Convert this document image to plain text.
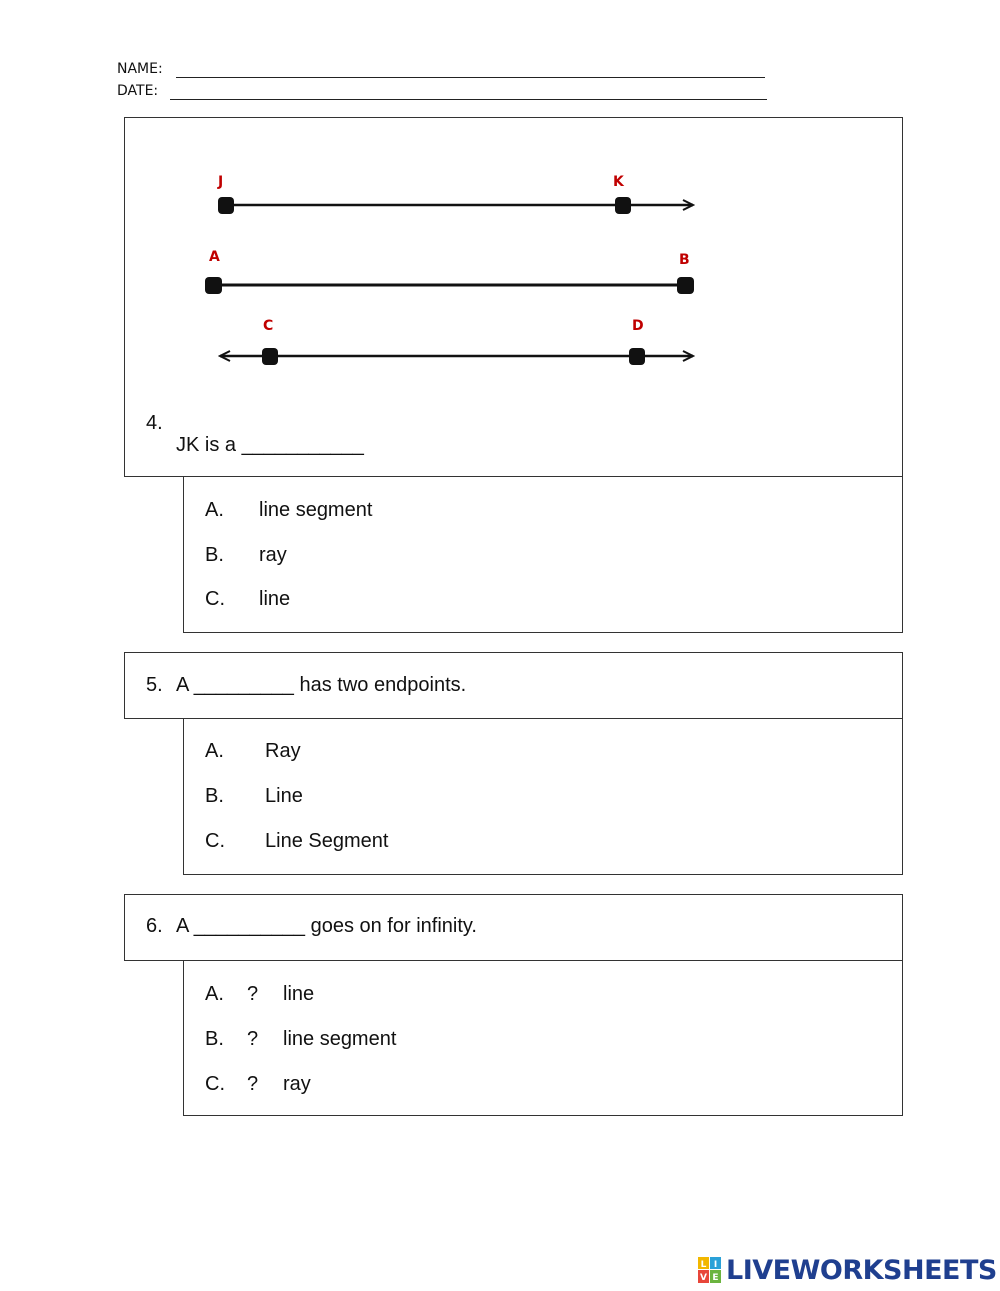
NAME:
DATE:
J	K
A	B
C	D
4.
JK is a ___________
A. line segment
B. ray
C. line
5. A _________ has two endpoints.
A. Ray
B. Line
C. Line Segment
6. A __________ goes on for infinity.
A. ? line
B. ? line segment
C. ? ray
L I
V E LIVEWORKSHEETS
